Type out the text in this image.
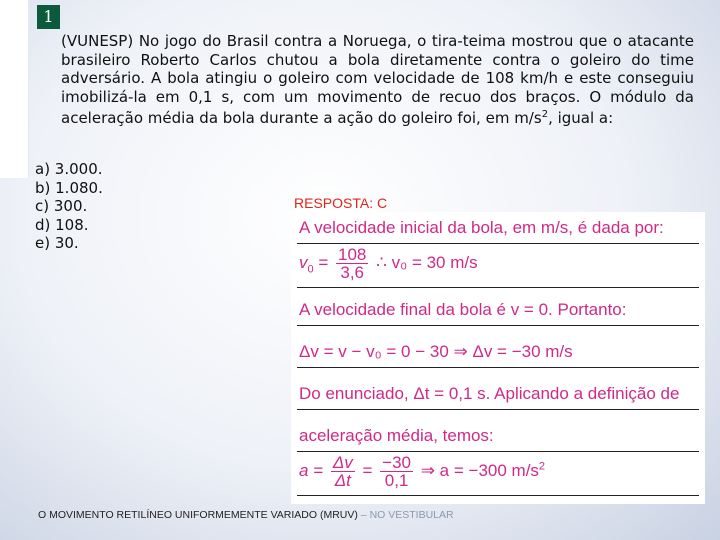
1
(VUNESP) No jogo do Brasil contra a Noruega, o tira-teima mostrou que o atacante brasileiro Roberto Carlos chutou a bola diretamente contra o goleiro do time adversário. A bola atingiu o goleiro com velocidade de 108 km/h e este conseguiu imobilizá-la em 0,1 s, com um movimento de recuo dos braços. O módulo da aceleração média da bola durante a ação do goleiro foi, em $m/s^2$, igual a:
a) 3.000.
b) 1.080.
c) 300.
d) 108.
e) 30.
RESPOSTA: C
A velocidade inicial da bola, em m/s, é dada por:
$v_0 = \frac{108}{3,6}$ ∴ v₀ = 30 m/s
A velocidade final da bola é v = 0. Portanto:
Δv = v − v₀ = 0 − 30 ⇒ Δv = −30 m/s
Do enunciado, Δt = 0,1 s. Aplicando a definição de
aceleração média, temos:
$a = \frac{\Delta v}{\Delta t} = \frac{-30}{0,1}$ ⇒ a = −300 $m/s^2$
O MOVIMENTO RETILÍNEO UNIFORMEMENTE VARIADO (MRUV) – NO VESTIBULAR
